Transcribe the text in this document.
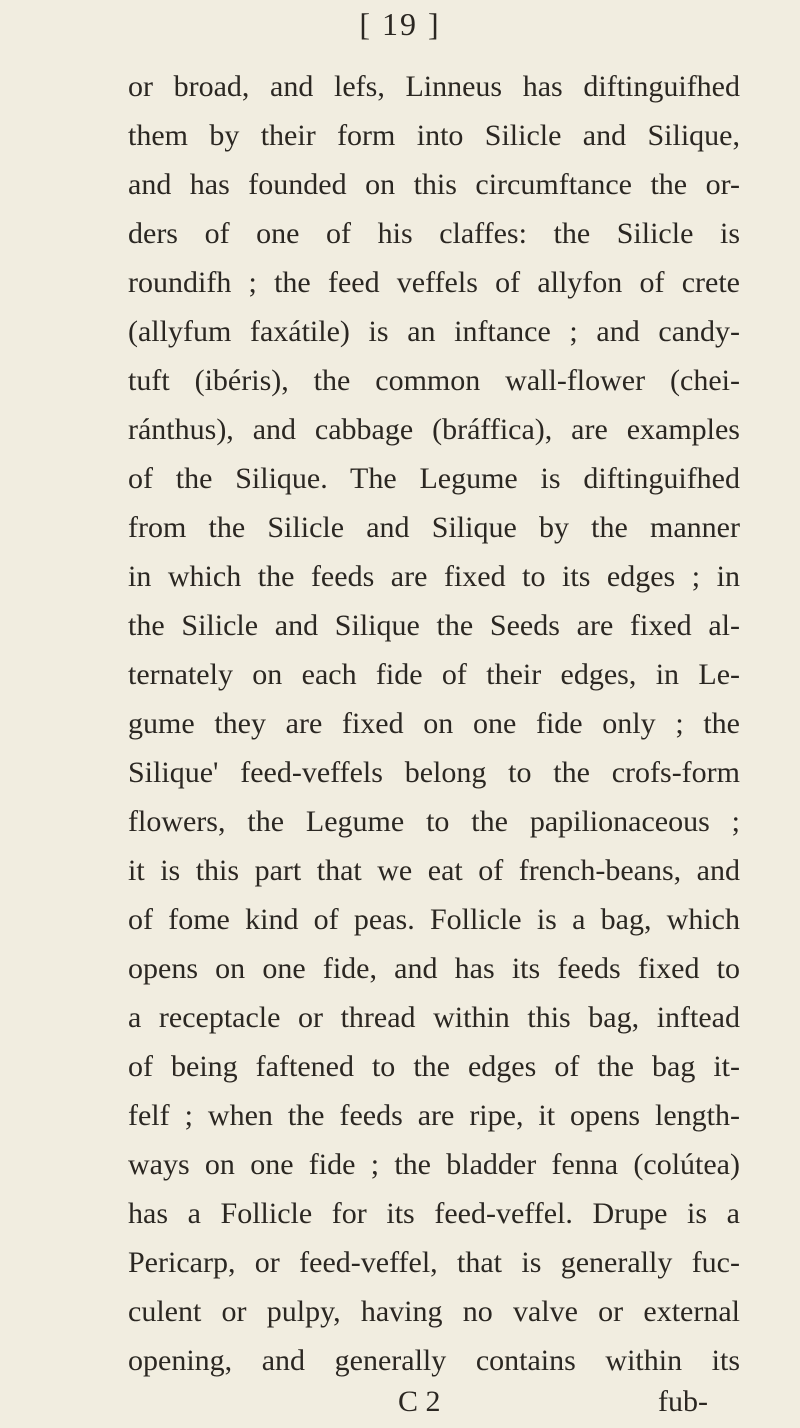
[ 19 ]
or broad, and lefs, Linneus has diftinguifhed
them by their form into Silicle and Silique,
and has founded on this circumftance the or-
ders of one of his claffes: the Silicle is
roundifh ; the feed veffels of allyfon of crete
(allyfum faxátile) is an inftance ; and candy-
tuft (ibéris), the common wall-flower (chei-
ránthus), and cabbage (bráffica), are examples
of the Silique. The Legume is diftinguifhed
from the Silicle and Silique by the manner
in which the feeds are fixed to its edges ; in
the Silicle and Silique the Seeds are fixed al-
ternately on each fide of their edges, in Le-
gume they are fixed on one fide only ; the
Silique' feed-veffels belong to the crofs-form
flowers, the Legume to the papilionaceous ;
it is this part that we eat of french-beans, and
of fome kind of peas. Follicle is a bag, which
opens on one fide, and has its feeds fixed to
a receptacle or thread within this bag, inftead
of being faftened to the edges of the bag it-
felf ; when the feeds are ripe, it opens length-
ways on one fide ; the bladder fenna (colútea)
has a Follicle for its feed-veffel. Drupe is a
Pericarp, or feed-veffel, that is generally fuc-
culent or pulpy, having no valve or external
opening, and generally contains within its
C 2	fub-
